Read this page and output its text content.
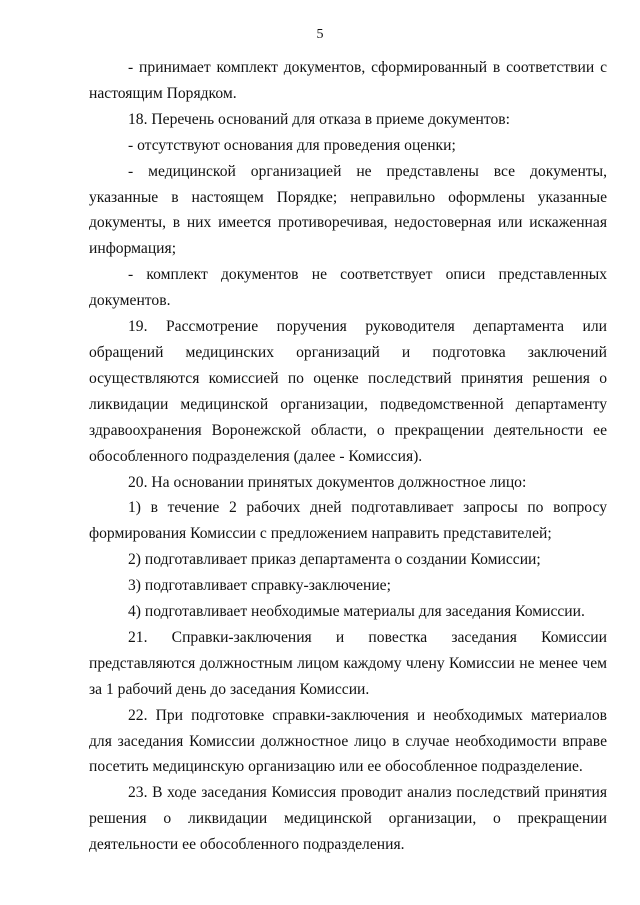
5

- принимает комплект документов, сформированный в соответствии с настоящим Порядком.

18. Перечень оснований для отказа в приеме документов:

- отсутствуют основания для проведения оценки;

- медицинской организацией не представлены все документы, указанные в настоящем Порядке; неправильно оформлены указанные документы, в них имеется противоречивая, недостоверная или искаженная информация;

- комплект документов не соответствует описи представленных документов.

19. Рассмотрение поручения руководителя департамента или обращений медицинских организаций и подготовка заключений осуществляются комиссией по оценке последствий принятия решения о ликвидации медицинской организации, подведомственной департаменту здравоохранения Воронежской области, о прекращении деятельности ее обособленного подразделения (далее - Комиссия).

20. На основании принятых документов должностное лицо:

1) в течение 2 рабочих дней подготавливает запросы по вопросу формирования Комиссии с предложением направить представителей;

2) подготавливает приказ департамента о создании Комиссии;

3) подготавливает справку-заключение;

4) подготавливает необходимые материалы для заседания Комиссии.

21. Справки-заключения и повестка заседания Комиссии представляются должностным лицом каждому члену Комиссии не менее чем за 1 рабочий день до заседания Комиссии.

22. При подготовке справки-заключения и необходимых материалов для заседания Комиссии должностное лицо в случае необходимости вправе посетить медицинскую организацию или ее обособленное подразделение.

23. В ходе заседания Комиссия проводит анализ последствий принятия решения о ликвидации медицинской организации, о прекращении деятельности ее обособленного подразделения.
